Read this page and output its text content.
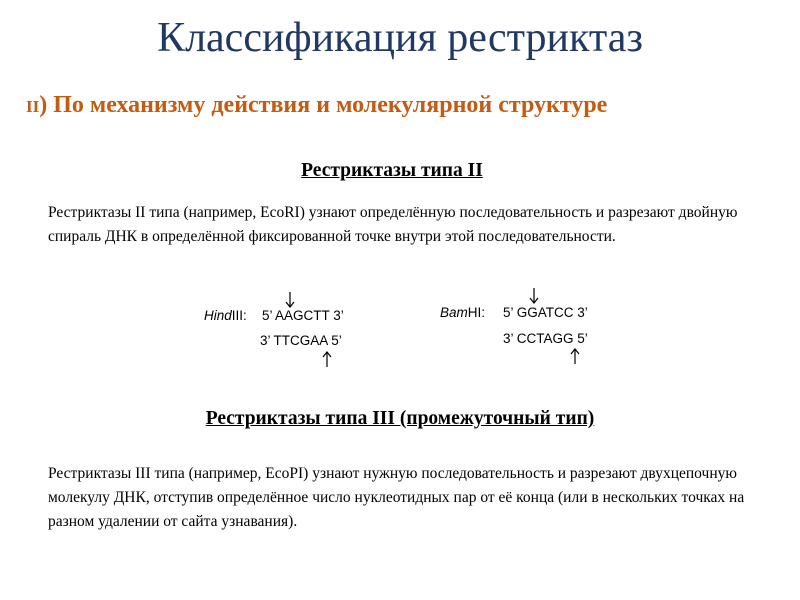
Классификация рестриктаз
II) По механизму действия и молекулярной структуре
Рестриктазы типа II
Рестриктазы II типа (например, EcoRI) узнают определённую последовательность и разрезают двойную спираль ДНК в определённой фиксированной точке внутри этой последовательности.
HindIII: 5’ AAGCTT 3’
3’ TTCGAA 5’
BamHI: 5’ GGATCC 3’
3’ CCTAGG 5’
Рестриктазы типа III (промежуточный тип)
Рестриктазы III типа (например, EcoPI) узнают нужную последовательность и разрезают двухцепочную молекулу ДНК, отступив определённое число нуклеотидных пар от её конца (или в нескольких точках на разном удалении от сайта узнавания).
